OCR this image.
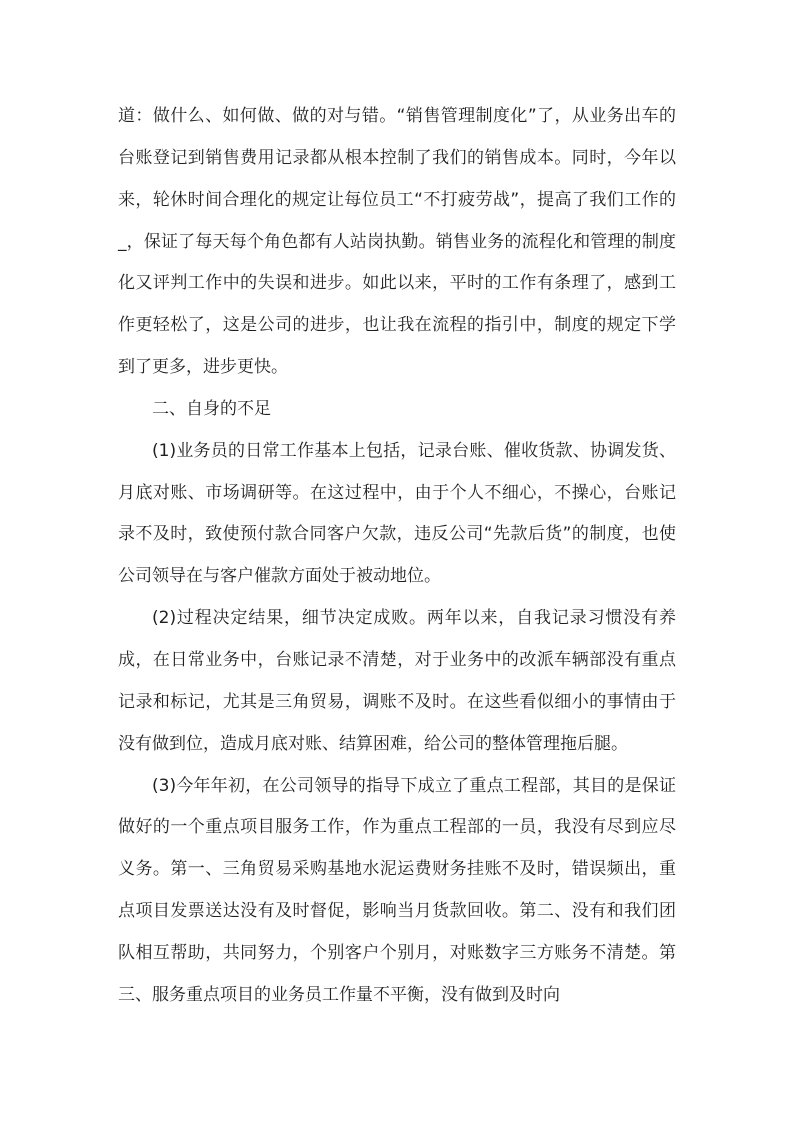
道：做什么、如何做、做的对与错。“销售管理制度化”了，从业务出车的台账登记到销售费用记录都从根本控制了我们的销售成本。同时，今年以来，轮休时间合理化的规定让每位员工“不打疲劳战”，提高了我们工作的_，保证了每天每个角色都有人站岗执勤。销售业务的流程化和管理的制度化又评判工作中的失误和进步。如此以来，平时的工作有条理了，感到工作更轻松了，这是公司的进步，也让我在流程的指引中，制度的规定下学到了更多，进步更快。

二、自身的不足

(1)业务员的日常工作基本上包括，记录台账、催收货款、协调发货、月底对账、市场调研等。在这过程中，由于个人不细心，不操心，台账记录不及时，致使预付款合同客户欠款，违反公司“先款后货”的制度，也使公司领导在与客户催款方面处于被动地位。

(2)过程决定结果，细节决定成败。两年以来，自我记录习惯没有养成，在日常业务中，台账记录不清楚，对于业务中的改派车辆部没有重点记录和标记，尤其是三角贸易，调账不及时。在这些看似细小的事情由于没有做到位，造成月底对账、结算困难，给公司的整体管理拖后腿。

(3)今年年初，在公司领导的指导下成立了重点工程部，其目的是保证做好的一个重点项目服务工作，作为重点工程部的一员，我没有尽到应尽义务。第一、三角贸易采购基地水泥运费财务挂账不及时，错误频出，重点项目发票送达没有及时督促，影响当月货款回收。第二、没有和我们团队相互帮助，共同努力，个别客户个别月，对账数字三方账务不清楚。第三、服务重点项目的业务员工作量不平衡，没有做到及时向
